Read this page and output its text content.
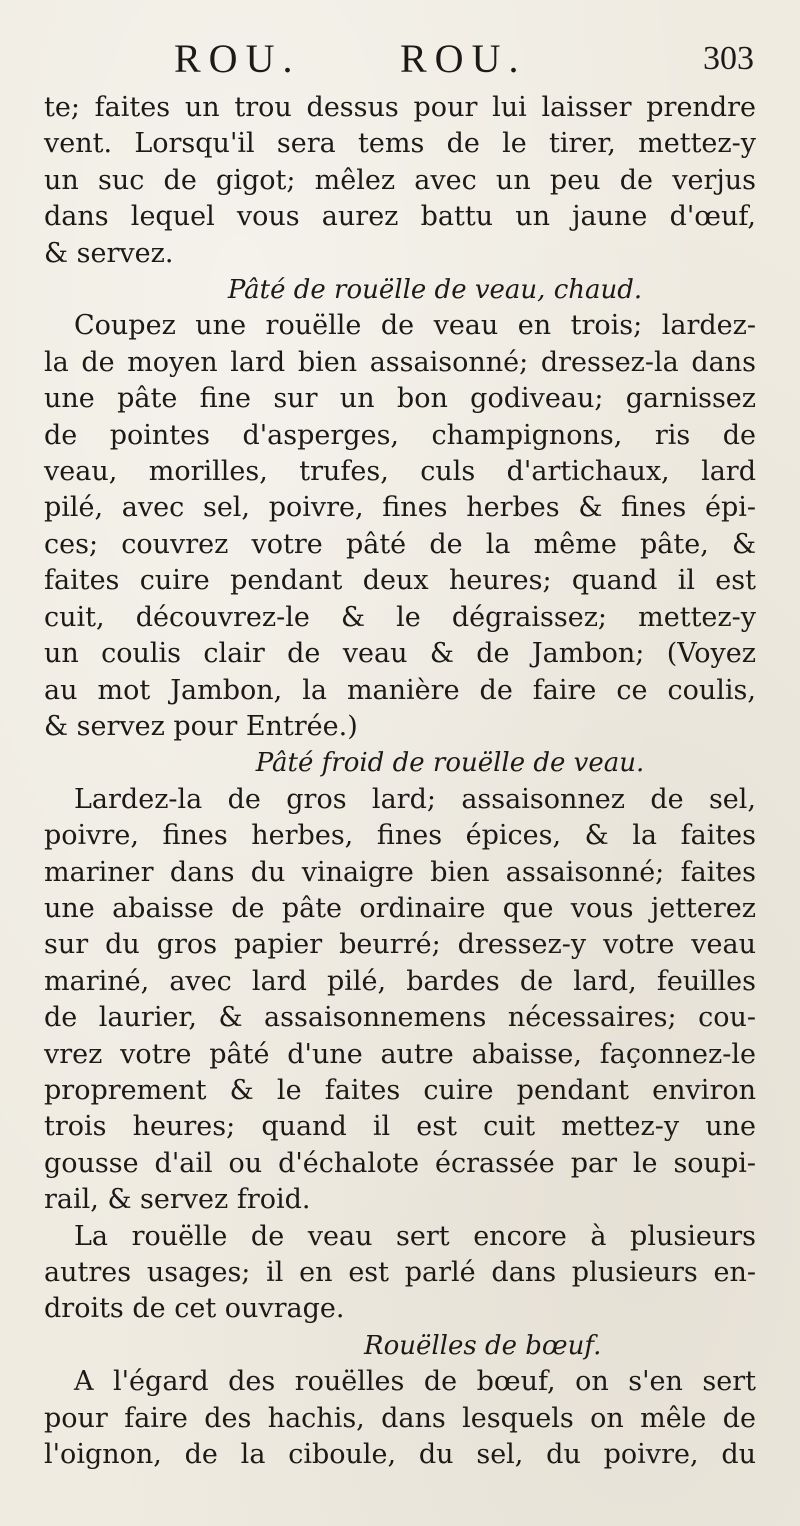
ROU. ROU.	303
te; faites un trou dessus pour lui laisser prendre
vent. Lorsqu'il sera tems de le tirer, mettez-y
un suc de gigot; mêlez avec un peu de verjus
dans lequel vous aurez battu un jaune d'œuf,
& servez.
Pâté de rouëlle de veau, chaud.
Coupez une rouëlle de veau en trois; lardez-
la de moyen lard bien assaisonné; dressez-la dans
une pâte fine sur un bon godiveau; garnissez
de pointes d'asperges, champignons, ris de
veau, morilles, trufes, culs d'artichaux, lard
pilé, avec sel, poivre, fines herbes & fines épi-
ces; couvrez votre pâté de la même pâte, &
faites cuire pendant deux heures; quand il est
cuit, découvrez-le & le dégraissez; mettez-y
un coulis clair de veau & de Jambon; (Voyez
au mot Jambon, la manière de faire ce coulis,
& servez pour Entrée.)
Pâté froid de rouëlle de veau.
Lardez-la de gros lard; assaisonnez de sel,
poivre, fines herbes, fines épices, & la faites
mariner dans du vinaigre bien assaisonné; faites
une abaisse de pâte ordinaire que vous jetterez
sur du gros papier beurré; dressez-y votre veau
mariné, avec lard pilé, bardes de lard, feuilles
de laurier, & assaisonnemens nécessaires; cou-
vrez votre pâté d'une autre abaisse, façonnez-le
proprement & le faites cuire pendant environ
trois heures; quand il est cuit mettez-y une
gousse d'ail ou d'échalote écrassée par le soupi-
rail, & servez froid.
La rouëlle de veau sert encore à plusieurs
autres usages; il en est parlé dans plusieurs en-
droits de cet ouvrage.
Rouëlles de bœuf.
A l'égard des rouëlles de bœuf, on s'en sert
pour faire des hachis, dans lesquels on mêle de
l'oignon, de la ciboule, du sel, du poivre, du
